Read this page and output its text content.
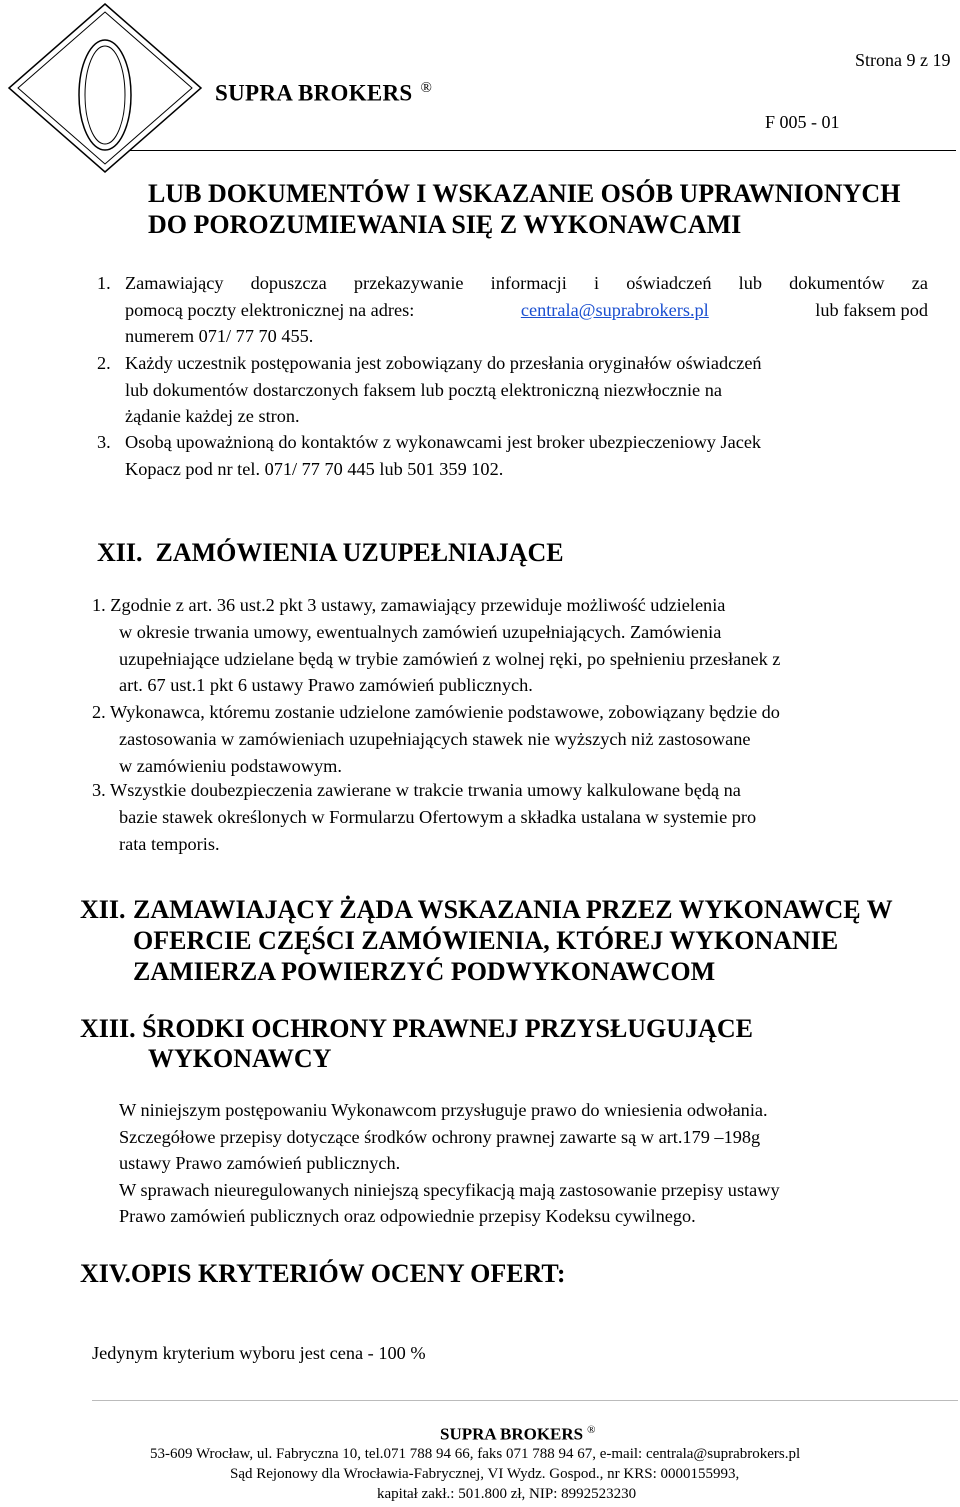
SUPRA BROKERS ®
Strona 9 z 19
F 005 - 01
LUB DOKUMENTÓW I WSKAZANIE OSÓB UPRAWNIONYCH
DO POROZUMIEWANIA SIĘ Z WYKONAWCAMI
1. Zamawiający dopuszcza przekazywanie informacji i oświadczeń lub dokumentów za
pomocą poczty elektronicznej na adres:	centrala@suprabrokers.pl	lub faksem pod
numerem 071/ 77 70 455.
2. Każdy uczestnik postępowania jest zobowiązany do przesłania oryginałów oświadczeń
lub dokumentów dostarczonych faksem lub pocztą elektroniczną niezwłocznie na
żądanie każdej ze stron.
3. Osobą upoważnioną do kontaktów z wykonawcami jest broker ubezpieczeniowy Jacek
Kopacz pod nr tel. 071/ 77 70 445 lub 501 359 102.
XII. ZAMÓWIENIA UZUPEŁNIAJĄCE
1. Zgodnie z art. 36 ust.2 pkt 3 ustawy, zamawiający przewiduje możliwość udzielenia
w okresie trwania umowy, ewentualnych zamówień uzupełniających. Zamówienia
uzupełniające udzielane będą w trybie zamówień z wolnej ręki, po spełnieniu przesłanek z
art. 67 ust.1 pkt 6 ustawy Prawo zamówień publicznych.
2. Wykonawca, któremu zostanie udzielone zamówienie podstawowe, zobowiązany będzie do
zastosowania w zamówieniach uzupełniających stawek nie wyższych niż zastosowane
w zamówieniu podstawowym.
3. Wszystkie doubezpieczenia zawierane w trakcie trwania umowy kalkulowane będą na
bazie stawek określonych w Formularzu Ofertowym a składka ustalana w systemie pro
rata temporis.
XII. ZAMAWIAJĄCY ŻĄDA WSKAZANIA PRZEZ WYKONAWCĘ W
OFERCIE CZĘŚCI ZAMÓWIENIA, KTÓREJ WYKONANIE
ZAMIERZA POWIERZYĆ PODWYKONAWCOM
XIII. ŚRODKI OCHRONY PRAWNEJ PRZYSŁUGUJĄCE
WYKONAWCY
W niniejszym postępowaniu Wykonawcom przysługuje prawo do wniesienia odwołania.
Szczegółowe przepisy dotyczące środków ochrony prawnej zawarte są w art.179 –198g
ustawy Prawo zamówień publicznych.
W sprawach nieuregulowanych niniejszą specyfikacją mają zastosowanie przepisy ustawy
Prawo zamówień publicznych oraz odpowiednie przepisy Kodeksu cywilnego.
XIV.OPIS KRYTERIÓW OCENY OFERT:
Jedynym kryterium wyboru jest cena - 100 %
SUPRA BROKERS ®
53-609 Wrocław, ul. Fabryczna 10, tel.071 788 94 66, faks 071 788 94 67, e-mail: centrala@suprabrokers.pl
Sąd Rejonowy dla Wrocławia-Fabrycznej, VI Wydz. Gospod., nr KRS: 0000155993,
kapitał zakł.: 501.800 zł, NIP: 8992523230
